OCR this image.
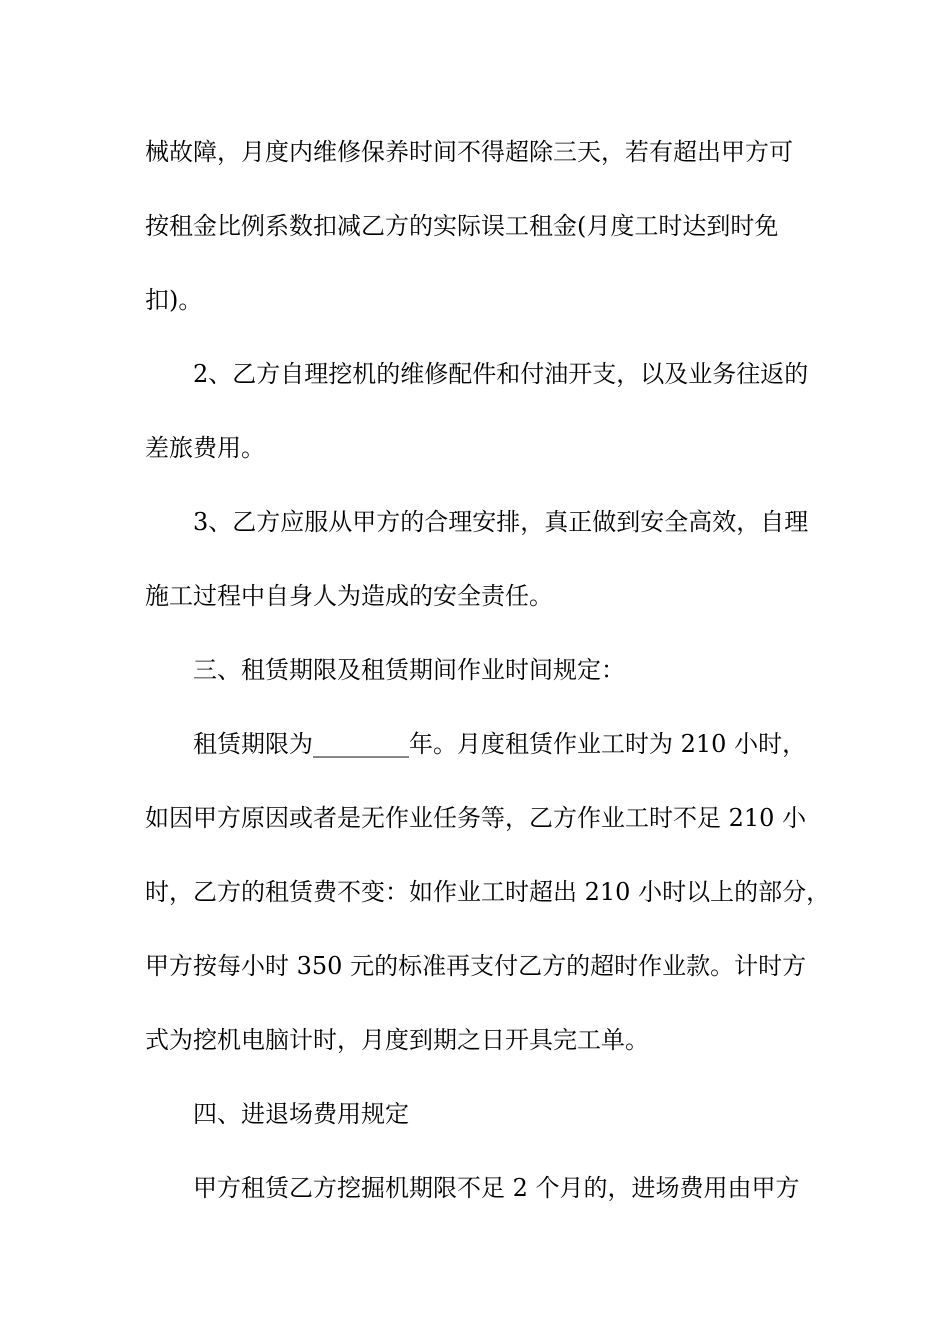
械故障，月度内维修保养时间不得超除三天，若有超出甲方可
按租金比例系数扣减乙方的实际误工租金(月度工时达到时免
扣)。
2、乙方自理挖机的维修配件和付油开支，以及业务往返的
差旅费用。
3、乙方应服从甲方的合理安排，真正做到安全高效，自理
施工过程中自身人为造成的安全责任。
三、租赁期限及租赁期间作业时间规定：
租赁期限为________年。月度租赁作业工时为 210 小时，
如因甲方原因或者是无作业任务等，乙方作业工时不足 210 小
时，乙方的租赁费不变：如作业工时超出 210 小时以上的部分，
甲方按每小时 350 元的标准再支付乙方的超时作业款。计时方
式为挖机电脑计时，月度到期之日开具完工单。
四、进退场费用规定
甲方租赁乙方挖掘机期限不足 2 个月的，进场费用由甲方
